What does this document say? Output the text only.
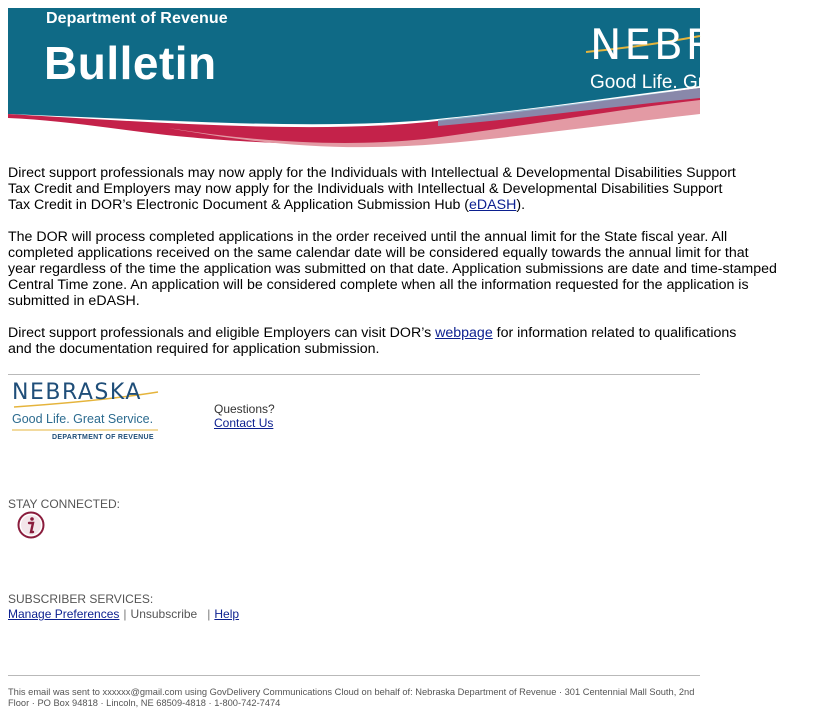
Department of Revenue
Bulletin	NEBRASKA
Good Life. Great Service.

Direct support professionals may now apply for the Individuals with Intellectual & Developmental Disabilities Support
Tax Credit and Employers may now apply for the Individuals with Intellectual & Developmental Disabilities Support
Tax Credit in DOR’s Electronic Document & Application Submission Hub (eDASH).

The DOR will process completed applications in the order received until the annual limit for the State fiscal year. All
completed applications received on the same calendar date will be considered equally towards the annual limit for that
year regardless of the time the application was submitted on that date. Application submissions are date and time-stamped
Central Time zone. An application will be considered complete when all the information requested for the application is
submitted in eDASH.

Direct support professionals and eligible Employers can visit DOR’s webpage for information related to qualifications
and the documentation required for application submission.

NEBRASKA
Good Life. Great Service.
DEPARTMENT OF REVENUE
Questions?
Contact Us
STAY CONNECTED:
SUBSCRIBER SERVICES:
Manage Preferences | Unsubscribe | Help
This email was sent to xxxxxx@gmail.com using GovDelivery Communications Cloud on behalf of: Nebraska Department of Revenue · 301 Centennial Mall South, 2nd
Floor · PO Box 94818 · Lincoln, NE 68509-4818 · 1-800-742-7474
